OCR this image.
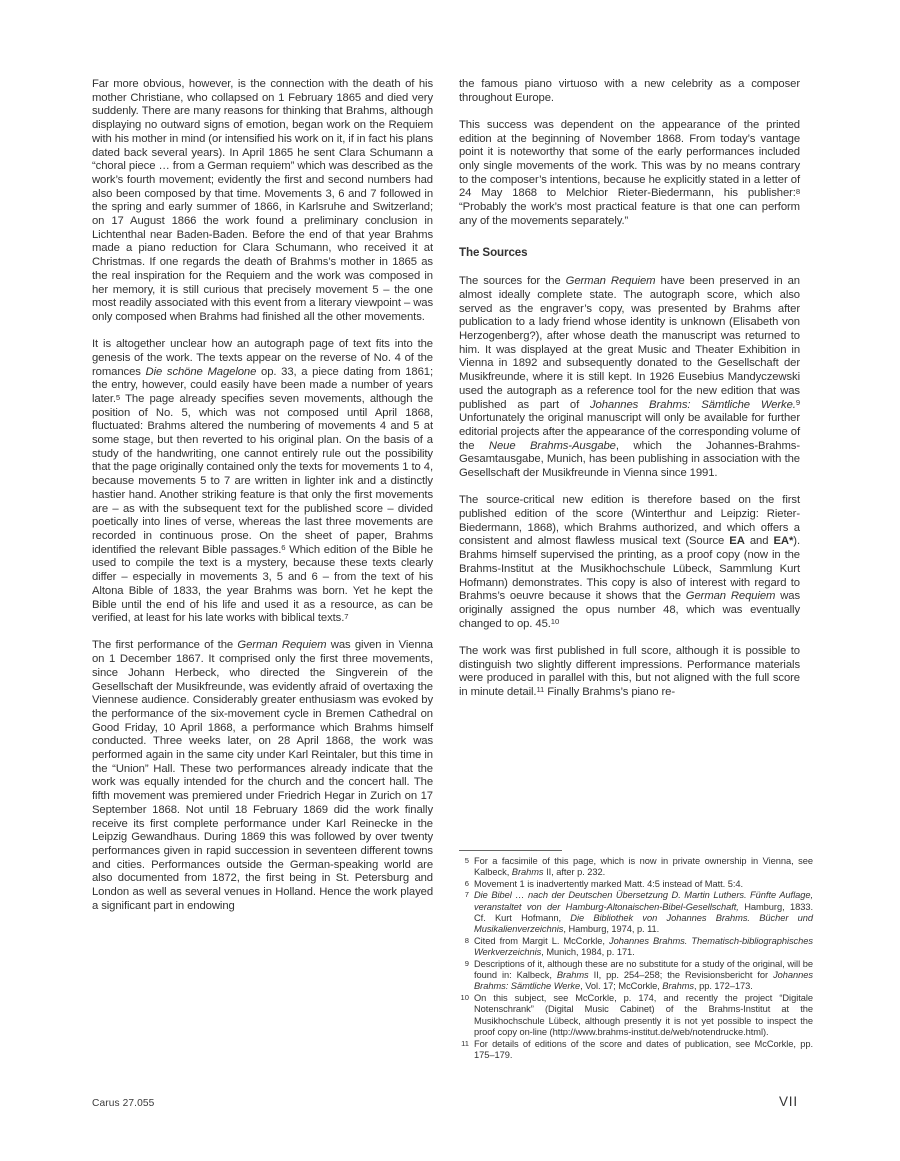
Far more obvious, however, is the connection with the death of his mother Christiane, who collapsed on 1 February 1865 and died very suddenly. There are many reasons for thinking that Brahms, although displaying no outward signs of emotion, began work on the Requiem with his mother in mind (or intensified his work on it, if in fact his plans dated back several years). In April 1865 he sent Clara Schumann a “choral piece … from a German requiem” which was described as the work’s fourth movement; evidently the first and second numbers had also been composed by that time. Movements 3, 6 and 7 followed in the spring and early summer of 1866, in Karlsruhe and Switzerland; on 17 August 1866 the work found a preliminary conclusion in Lichtenthal near Baden-Baden. Before the end of that year Brahms made a piano reduction for Clara Schumann, who received it at Christmas. If one regards the death of Brahms’s mother in 1865 as the real inspiration for the Requiem and the work was composed in her memory, it is still curious that precisely movement 5 – the one most readily associated with this event from a literary viewpoint – was only composed when Brahms had finished all the other movements.

It is altogether unclear how an autograph page of text fits into the genesis of the work. The texts appear on the reverse of No. 4 of the romances Die schöne Magelone op. 33, a piece dating from 1861; the entry, however, could easily have been made a number of years later.$^5$ The page already specifies seven movements, although the position of No. 5, which was not composed until April 1868, fluctuated: Brahms altered the numbering of movements 4 and 5 at some stage, but then reverted to his original plan. On the basis of a study of the handwriting, one cannot entirely rule out the possibility that the page originally contained only the texts for movements 1 to 4, because movements 5 to 7 are written in lighter ink and a distinctly hastier hand. Another striking feature is that only the first movements are – as with the subsequent text for the published score – divided poetically into lines of verse, whereas the last three movements are recorded in continuous prose. On the sheet of paper, Brahms identified the relevant Bible passages.$^6$ Which edition of the Bible he used to compile the text is a mystery, because these texts clearly differ – especially in movements 3, 5 and 6 – from the text of his Altona Bible of 1833, the year Brahms was born. Yet he kept the Bible until the end of his life and used it as a resource, as can be verified, at least for his late works with biblical texts.$^7$

The first performance of the German Requiem was given in Vienna on 1 December 1867. It comprised only the first three movements, since Johann Herbeck, who directed the Singverein of the Gesellschaft der Musikfreunde, was evidently afraid of overtaxing the Viennese audience. Considerably greater enthusiasm was evoked by the performance of the six-movement cycle in Bremen Cathedral on Good Friday, 10 April 1868, a performance which Brahms himself conducted. Three weeks later, on 28 April 1868, the work was performed again in the same city under Karl Reintaler, but this time in the “Union” Hall. These two performances already indicate that the work was equally intended for the church and the concert hall. The fifth movement was premiered under Friedrich Hegar in Zurich on 17 September 1868. Not until 18 February 1869 did the work finally receive its first complete performance under Karl Reinecke in the Leipzig Gewandhaus. During 1869 this was followed by over twenty performances given in rapid succession in seventeen different towns and cities. Performances outside the German-speaking world are also documented from 1872, the first being in St. Petersburg and London as well as several venues in Holland. Hence the work played a significant part in endowing

the famous piano virtuoso with a new celebrity as a composer throughout Europe.

This success was dependent on the appearance of the printed edition at the beginning of November 1868. From today’s vantage point it is noteworthy that some of the early performances included only single movements of the work. This was by no means contrary to the composer’s intentions, because he explicitly stated in a letter of 24 May 1868 to Melchior Rieter-Biedermann, his publisher:$^8$ “Probably the work’s most practical feature is that one can perform any of the movements separately.”

The Sources

The sources for the German Requiem have been preserved in an almost ideally complete state. The autograph score, which also served as the engraver’s copy, was presented by Brahms after publication to a lady friend whose identity is unknown (Elisabeth von Herzogenberg?), after whose death the manuscript was returned to him. It was displayed at the great Music and Theater Exhibition in Vienna in 1892 and subsequently donated to the Gesellschaft der Musikfreunde, where it is still kept. In 1926 Eusebius Mandyczewski used the autograph as a reference tool for the new edition that was published as part of Johannes Brahms: Sämtliche Werke.$^9$ Unfortunately the original manuscript will only be available for further editorial projects after the appearance of the corresponding volume of the Neue Brahms-Ausgabe, which the Johannes-Brahms-Gesamtausgabe, Munich, has been publishing in association with the Gesellschaft der Musikfreunde in Vienna since 1991.

The source-critical new edition is therefore based on the first published edition of the score (Winterthur and Leipzig: Rieter-Biedermann, 1868), which Brahms authorized, and which offers a consistent and almost flawless musical text (Source EA and EA*). Brahms himself supervised the printing, as a proof copy (now in the Brahms-Institut at the Musikhochschule Lübeck, Sammlung Kurt Hofmann) demonstrates. This copy is also of interest with regard to Brahms’s oeuvre because it shows that the German Requiem was originally assigned the opus number 48, which was eventually changed to op. 45.10

The work was first published in full score, although it is possible to distinguish two slightly different impressions. Performance materials were produced in parallel with this, but not aligned with the full score in minute detail.$^{11}$ Finally Brahms’s piano re-

5 For a facsimile of this page, which is now in private ownership in Vienna, see Kalbeck, Brahms II, after p. 232.
6 Movement 1 is inadvertently marked Matt. 4:5 instead of Matt. 5:4.
7 Die Bibel … nach der Deutschen Übersetzung D. Martin Luthers. Fünfte Auflage, veranstaltet von der Hamburg-Altonaischen-Bibel-Gesellschaft, Hamburg, 1833. Cf. Kurt Hofmann, Die Bibliothek von Johannes Brahms. Bücher und Musikalienverzeichnis, Hamburg, 1974, p. 11.
8 Cited from Margit L. McCorkle, Johannes Brahms. Thematisch-bibliographisches Werkverzeichnis, Munich, 1984, p. 171.
9 Descriptions of it, although these are no substitute for a study of the original, will be found in: Kalbeck, Brahms II, pp. 254–258; the Revisionsbericht for Johannes Brahms: Sämtliche Werke, Vol. 17; McCorkle, Brahms, pp. 172–173.
10 On this subject, see McCorkle, p. 174, and recently the project “Digitale Notenschrank” (Digital Music Cabinet) of the Brahms-Institut at the Musikhochschule Lübeck, although presently it is not yet possible to inspect the proof copy on-line (http://www.brahms-institut.de/web/notendrucke.html).
11 For details of editions of the score and dates of publication, see McCorkle, pp. 175–179.
Carus 27.055	VII
